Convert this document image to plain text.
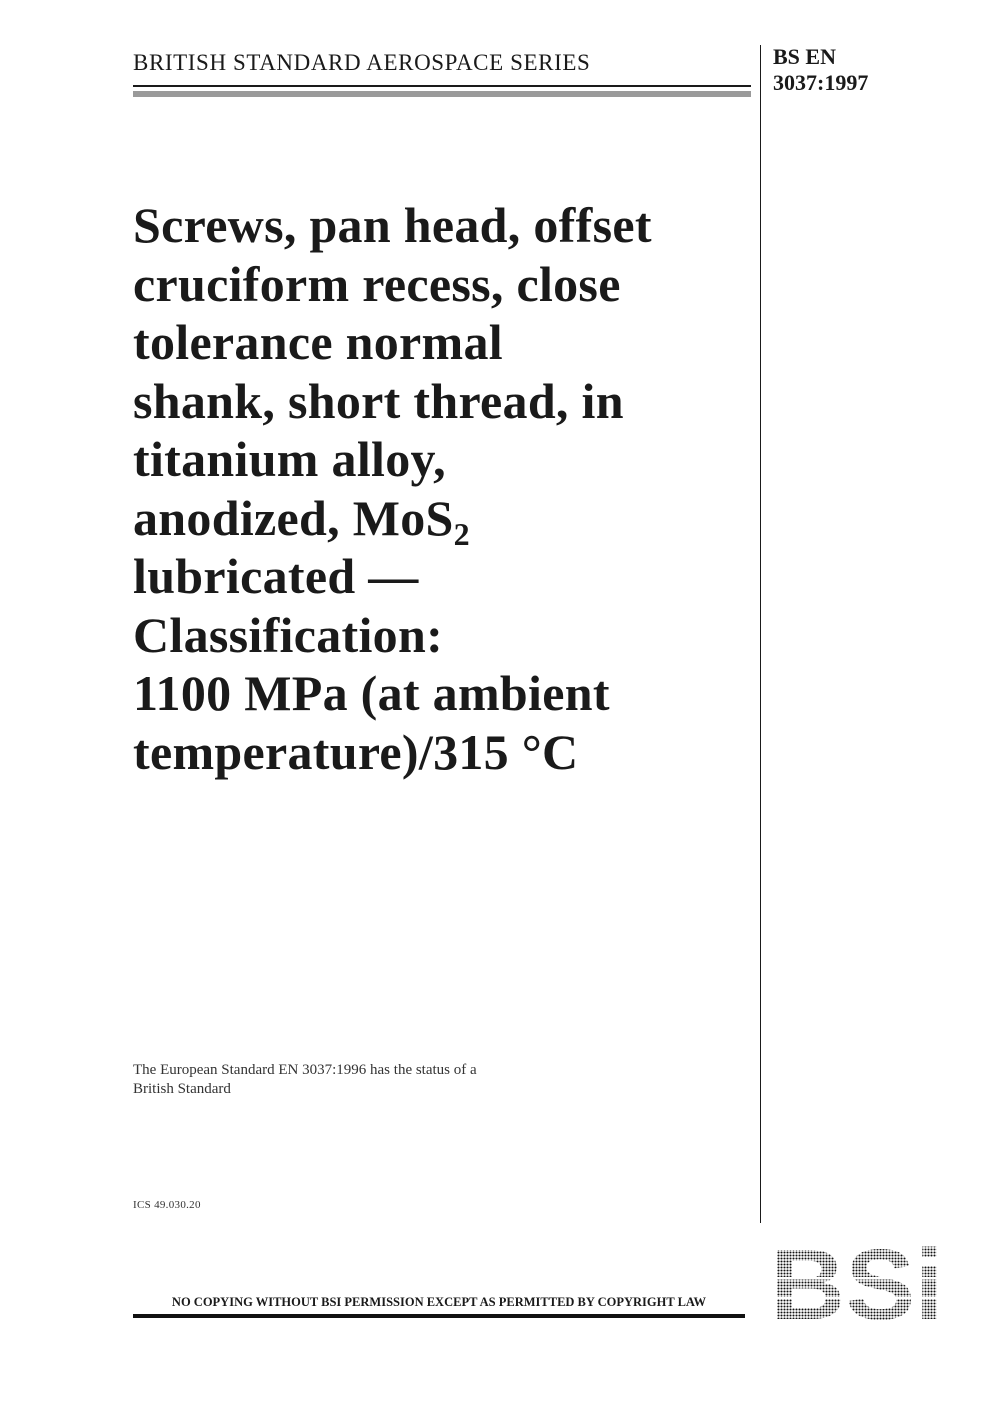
BRITISH STANDARD AEROSPACE SERIES	BS EN
3037:1997
Screws, pan head, offset
cruciform recess, close
tolerance normal
shank, short thread, in
titanium alloy,
anodized, MoS$_2$
lubricated —
Classification:
1100 MPa (at ambient
temperature)/315 °C
The European Standard EN 3037:1996 has the status of a
British Standard
ICS 49.030.20
NO COPYING WITHOUT BSI PERMISSION EXCEPT AS PERMITTED BY COPYRIGHT LAW
